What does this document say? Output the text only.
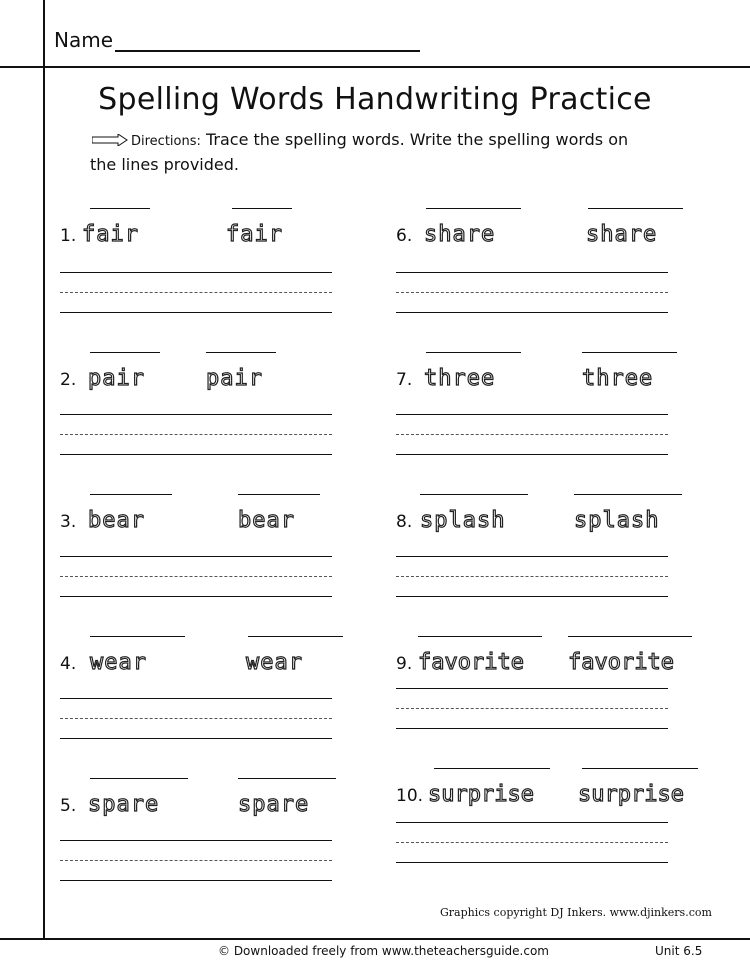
Name
Spelling Words Handwriting Practice
Directions: Trace the spelling words. Write the spelling words on
the lines provided.
1. fair	fair
2. pair	pair
3. bear	bear
4. wear	wear
5. spare	spare
6. share	share
7. three	three
8. splash	splash
9. favorite favorite
10. surprise surprise
Graphics copyright DJ Inkers. www.djinkers.com
© Downloaded freely from www.theteachersguide.com	Unit 6.5
